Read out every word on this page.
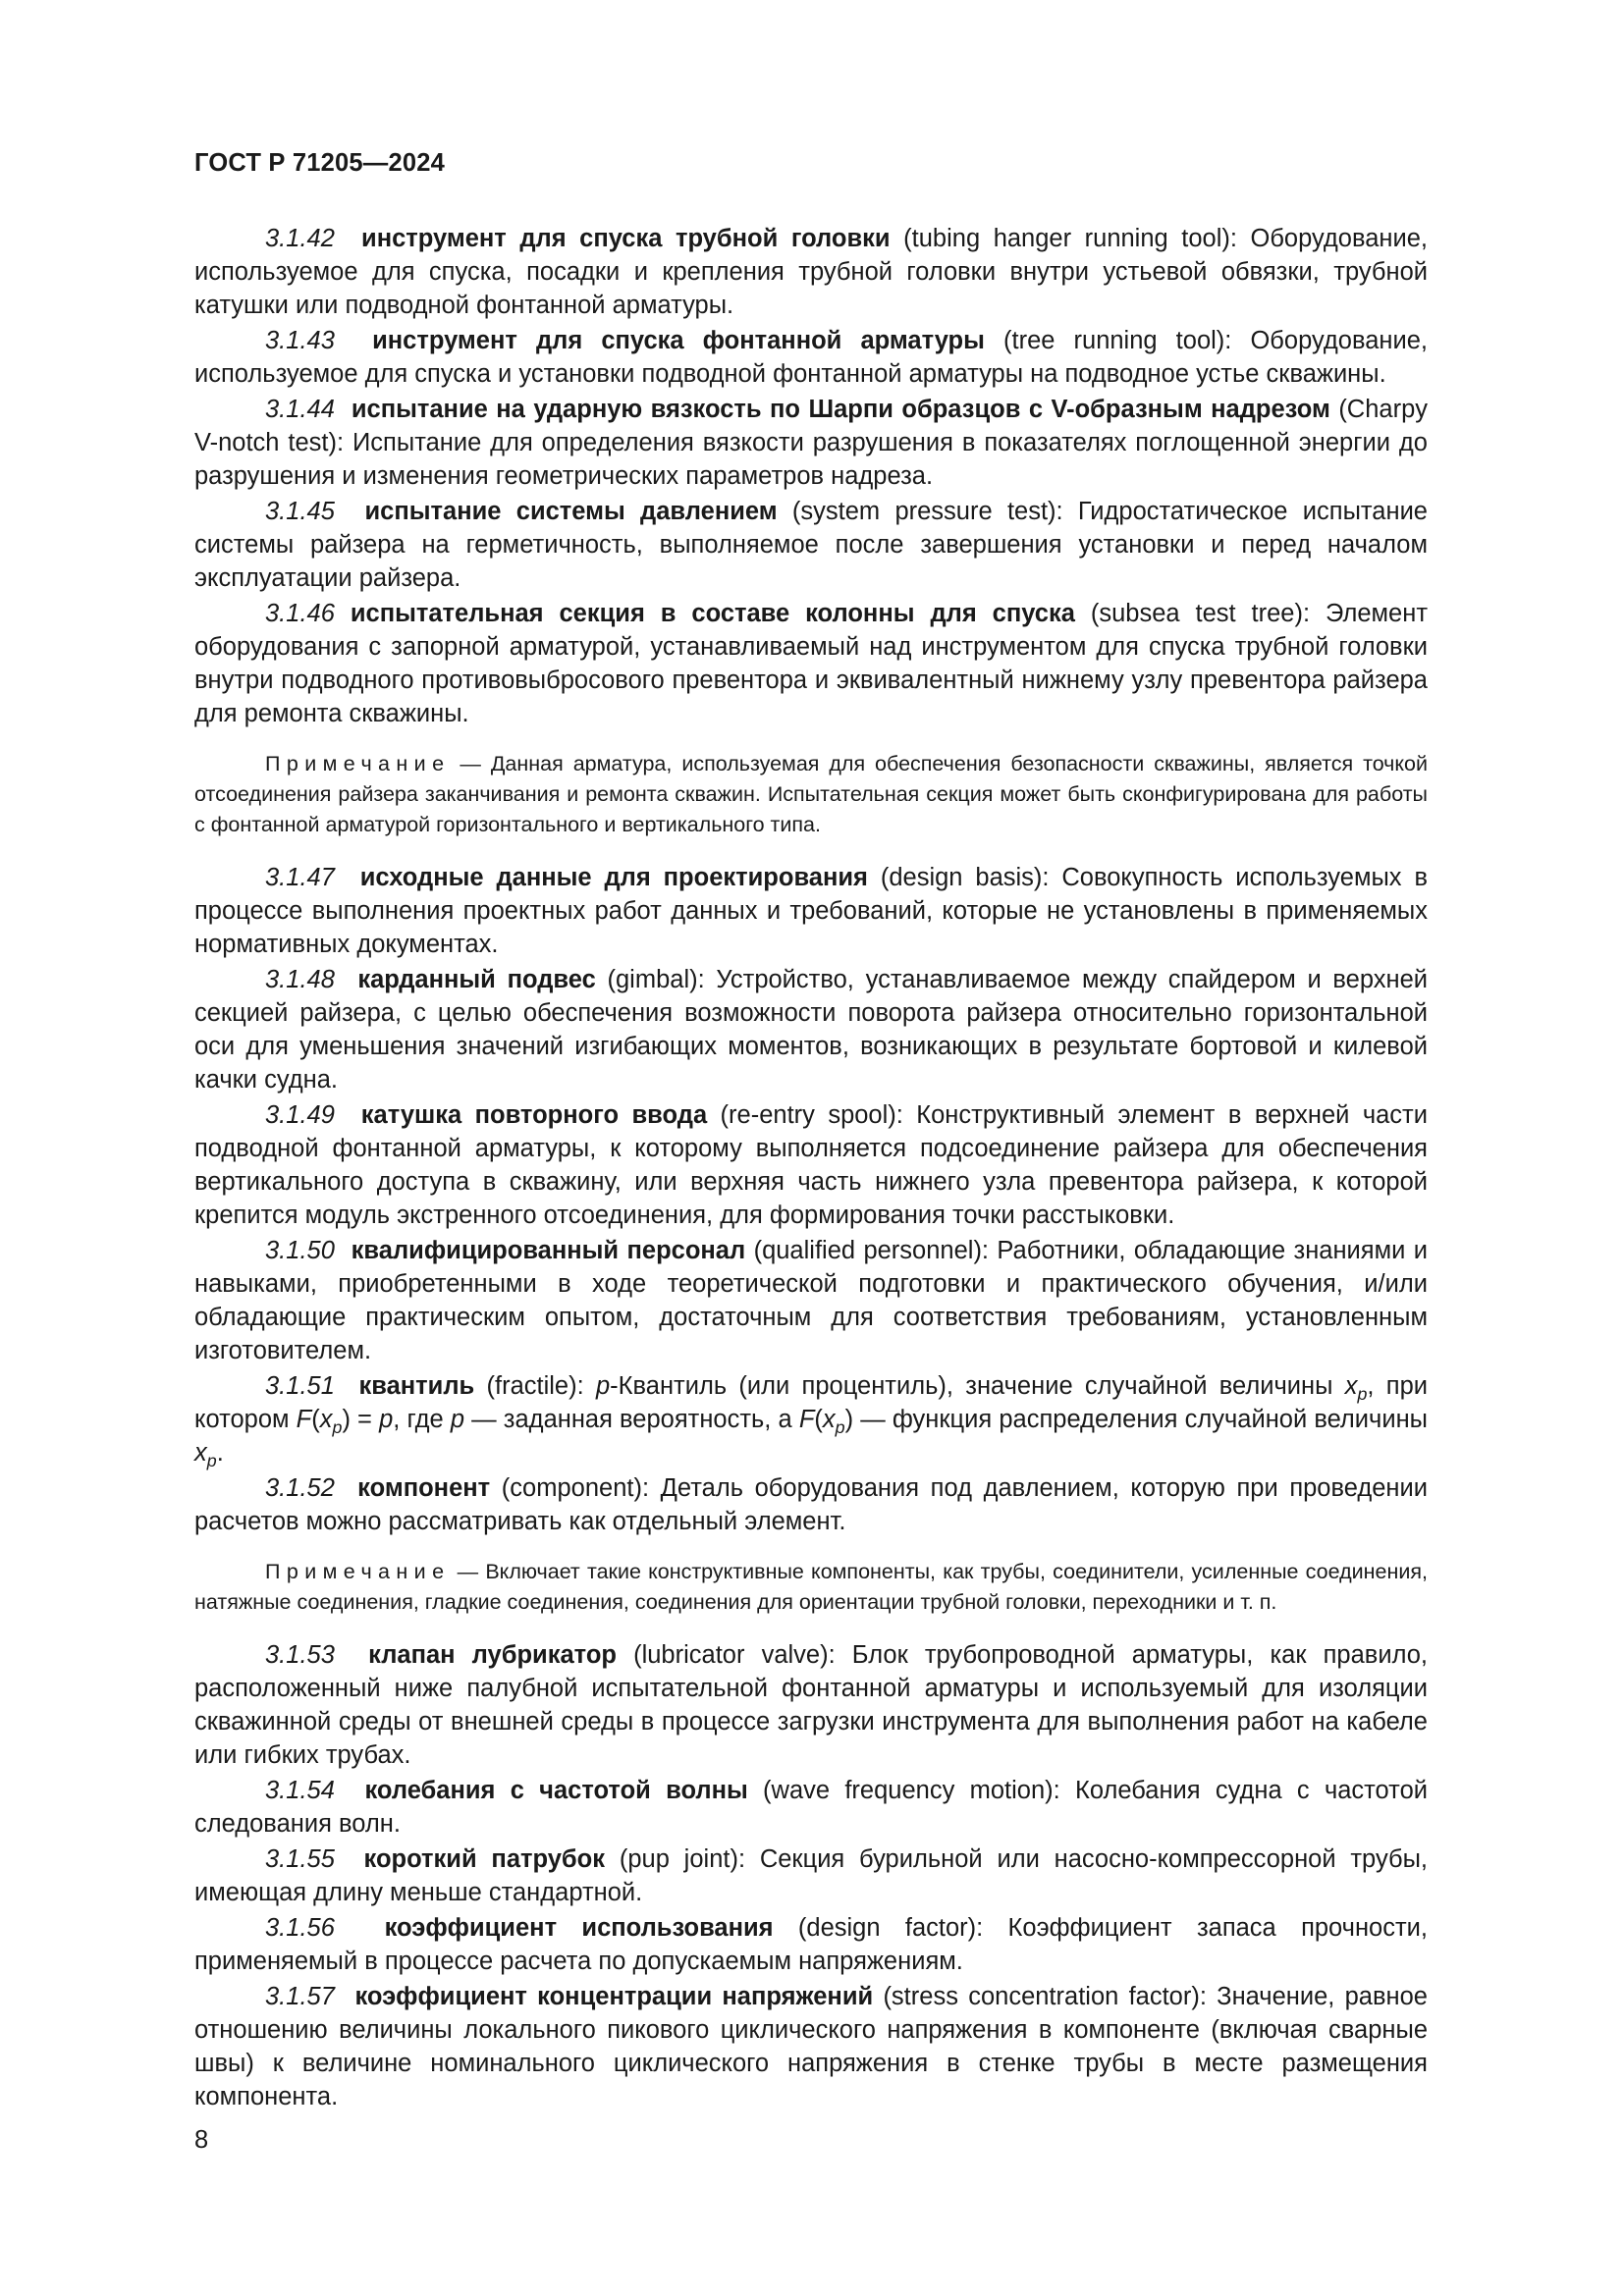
ГОСТ Р 71205—2024

3.1.42 инструмент для спуска трубной головки (tubing hanger running tool): Оборудование, используемое для спуска, посадки и крепления трубной головки внутри устьевой обвязки, трубной катушки или подводной фонтанной арматуры.

3.1.43 инструмент для спуска фонтанной арматуры (tree running tool): Оборудование, используемое для спуска и установки подводной фонтанной арматуры на подводное устье скважины.

3.1.44 испытание на ударную вязкость по Шарпи образцов с V-образным надрезом (Charpy V-notch test): Испытание для определения вязкости разрушения в показателях поглощенной энергии до разрушения и изменения геометрических параметров надреза.

3.1.45 испытание системы давлением (system pressure test): Гидростатическое испытание системы райзера на герметичность, выполняемое после завершения установки и перед началом эксплуатации райзера.

3.1.46 испытательная секция в составе колонны для спуска (subsea test tree): Элемент оборудования с запорной арматурой, устанавливаемый над инструментом для спуска трубной головки внутри подводного противовыбросового превентора и эквивалентный нижнему узлу превентора райзера для ремонта скважины.

Примечание — Данная арматура, используемая для обеспечения безопасности скважины, является точкой отсоединения райзера заканчивания и ремонта скважин. Испытательная секция может быть сконфигурирована для работы с фонтанной арматурой горизонтального и вертикального типа.

3.1.47 исходные данные для проектирования (design basis): Совокупность используемых в процессе выполнения проектных работ данных и требований, которые не установлены в применяемых нормативных документах.

3.1.48 карданный подвес (gimbal): Устройство, устанавливаемое между спайдером и верхней секцией райзера, с целью обеспечения возможности поворота райзера относительно горизонтальной оси для уменьшения значений изгибающих моментов, возникающих в результате бортовой и килевой качки судна.

3.1.49 катушка повторного ввода (re-entry spool): Конструктивный элемент в верхней части подводной фонтанной арматуры, к которому выполняется подсоединение райзера для обеспечения вертикального доступа в скважину, или верхняя часть нижнего узла превентора райзера, к которой крепится модуль экстренного отсоединения, для формирования точки расстыковки.

3.1.50 квалифицированный персонал (qualified personnel): Работники, обладающие знаниями и навыками, приобретенными в ходе теоретической подготовки и практического обучения, и/или обладающие практическим опытом, достаточным для соответствия требованиям, установленным изготовителем.

3.1.51 квантиль (fractile): p-Квантиль (или процентиль), значение случайной величины $x_p$, при котором $F(x_p) = p$, где p — заданная вероятность, а $F(x_p)$ — функция распределения случайной величины $x_p$.

3.1.52 компонент (component): Деталь оборудования под давлением, которую при проведении расчетов можно рассматривать как отдельный элемент.

Примечание — Включает такие конструктивные компоненты, как трубы, соединители, усиленные соединения, натяжные соединения, гладкие соединения, соединения для ориентации трубной головки, переходники и т. п.

3.1.53 клапан лубрикатор (lubricator valve): Блок трубопроводной арматуры, как правило, расположенный ниже палубной испытательной фонтанной арматуры и используемый для изоляции скважинной среды от внешней среды в процессе загрузки инструмента для выполнения работ на кабеле или гибких трубах.

3.1.54 колебания с частотой волны (wave frequency motion): Колебания судна с частотой следования волн.

3.1.55 короткий патрубок (pup joint): Секция бурильной или насосно-компрессорной трубы, имеющая длину меньше стандартной.

3.1.56 коэффициент использования (design factor): Коэффициент запаса прочности, применяемый в процессе расчета по допускаемым напряжениям.

3.1.57 коэффициент концентрации напряжений (stress concentration factor): Значение, равное отношению величины локального пикового циклического напряжения в компоненте (включая сварные швы) к величине номинального циклического напряжения в стенке трубы в месте размещения компонента.

8
